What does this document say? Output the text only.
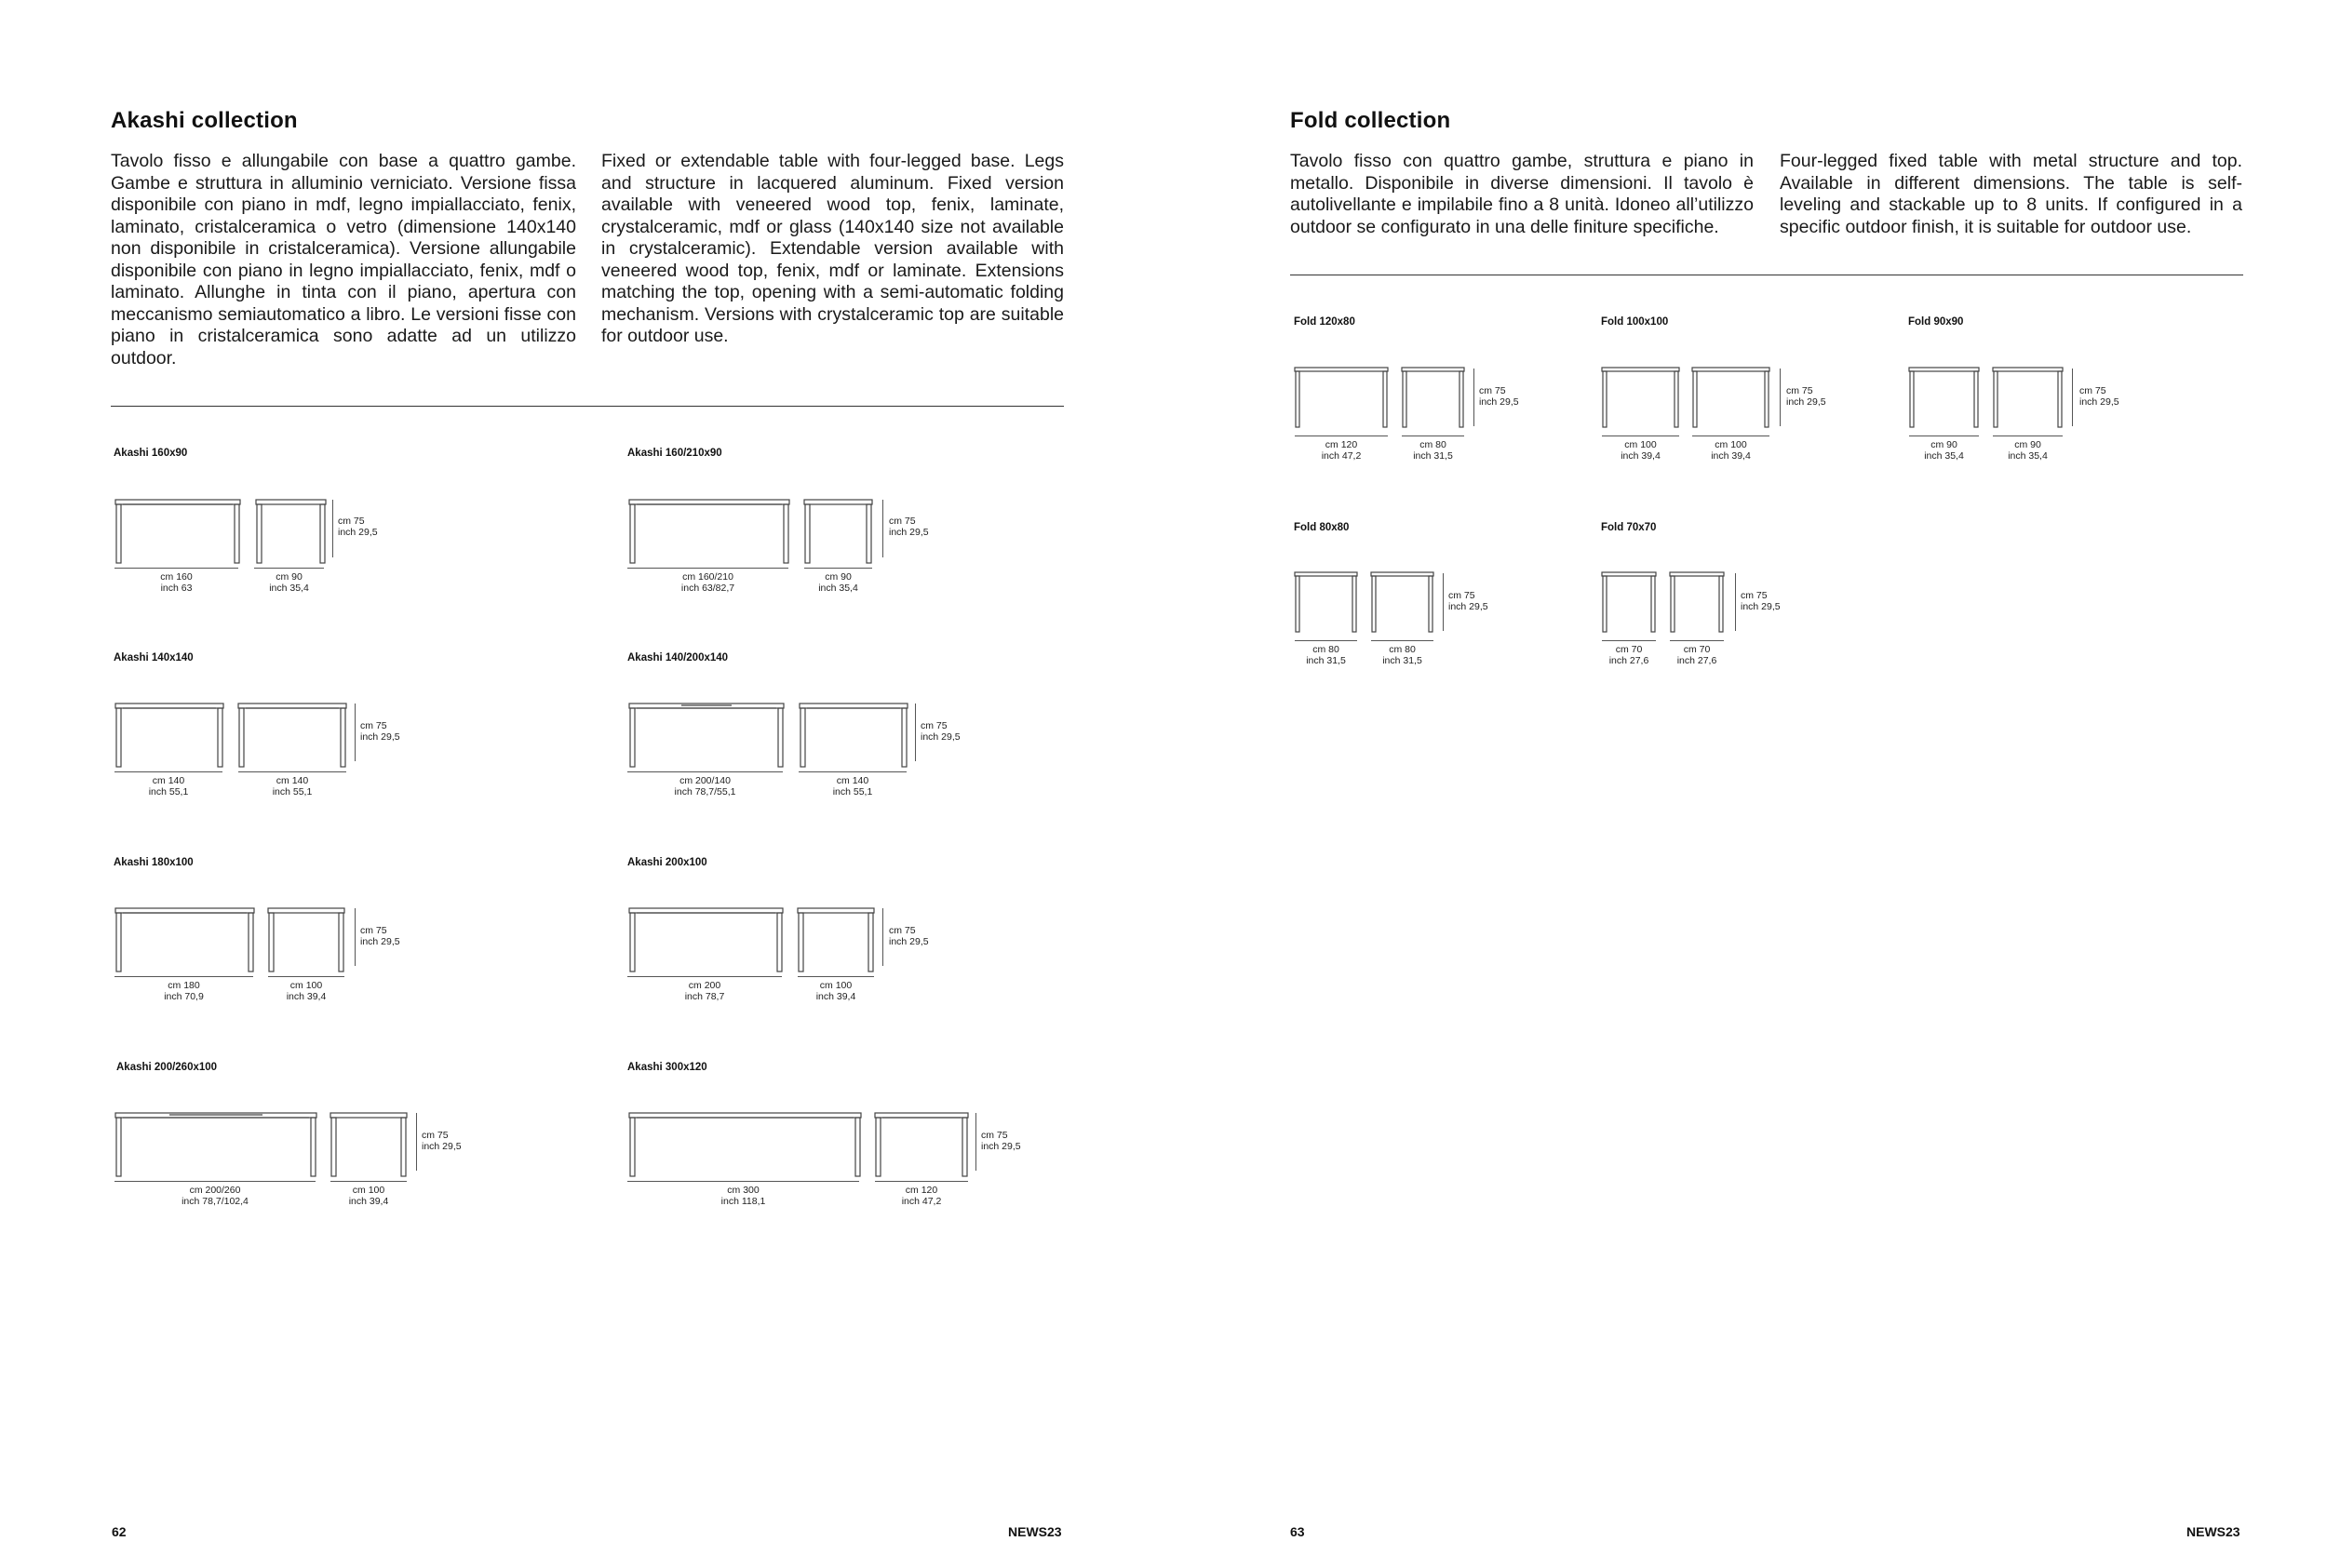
Akashi collection
Tavolo fisso e allungabile con base a quattro gambe. Gambe e struttura in alluminio verniciato. Versione fissa disponibile con piano in mdf, legno impiallacciato, fenix, laminato, cristalceramica o vetro (dimensione 140x140 non disponibile in cristalceramica). Versione allungabile disponibile con piano in legno impiallacciato, fenix, mdf o laminato. Allunghe in tinta con il piano, apertura con meccanismo semiautomatico a libro. Le versioni fisse con piano in cristalceramica sono adatte ad un utilizzo outdoor.
Fixed or extendable table with four-legged base. Legs and structure in lacquered aluminum. Fixed version available with veneered wood top, fenix, laminate, crystalceramic, mdf or glass (140x140 size not available in crystalceramic). Extendable version available with veneered wood top, fenix, mdf or laminate. Extensions matching the top, opening with a semi-automatic folding mechanism. Versions with crystalceramic top are suitable for outdoor use.
Akashi 160x90
cm 160
inch 63
cm 90
inch 35,4
cm 75
inch 29,5
Akashi 160/210x90
cm 160/210
inch 63/82,7
cm 90
inch 35,4
cm 75
inch 29,5
Akashi 140x140
cm 140
inch 55,1
cm 140
inch 55,1
cm 75
inch 29,5
Akashi 140/200x140
cm 200/140
inch 78,7/55,1
cm 140
inch 55,1
cm 75
inch 29,5
Akashi 180x100
cm 180
inch 70,9
cm 100
inch 39,4
cm 75
inch 29,5
Akashi 200x100
cm 200
inch 78,7
cm 100
inch 39,4
cm 75
inch 29,5
Akashi 200/260x100
cm 200/260
inch 78,7/102,4
cm 100
inch 39,4
cm 75
inch 29,5
Akashi 300x120
cm 300
inch 118,1
cm 120
inch 47,2
cm 75
inch 29,5
62	NEWS23
Fold collection
Tavolo fisso con quattro gambe, struttura e piano in metallo. Disponibile in diverse dimensioni. Il tavolo è autolivellante e impilabile fino a 8 unità. Idoneo all’utilizzo outdoor se configurato in una delle finiture specifiche.
Four-legged fixed table with metal structure and top. Available in different dimensions. The table is self-leveling and stackable up to 8 units. If configured in a specific outdoor finish, it is suitable for outdoor use.
Fold 120x80
cm 120
inch 47,2
cm 80
inch 31,5
cm 75
inch 29,5
Fold 100x100
cm 100
inch 39,4
cm 100
inch 39,4
cm 75
inch 29,5
Fold 90x90
cm 90
inch 35,4
cm 90
inch 35,4
cm 75
inch 29,5
Fold 80x80
cm 80
inch 31,5
cm 80
inch 31,5
cm 75
inch 29,5
Fold 70x70
cm 70
inch 27,6
cm 70
inch 27,6
cm 75
inch 29,5
63	NEWS23
